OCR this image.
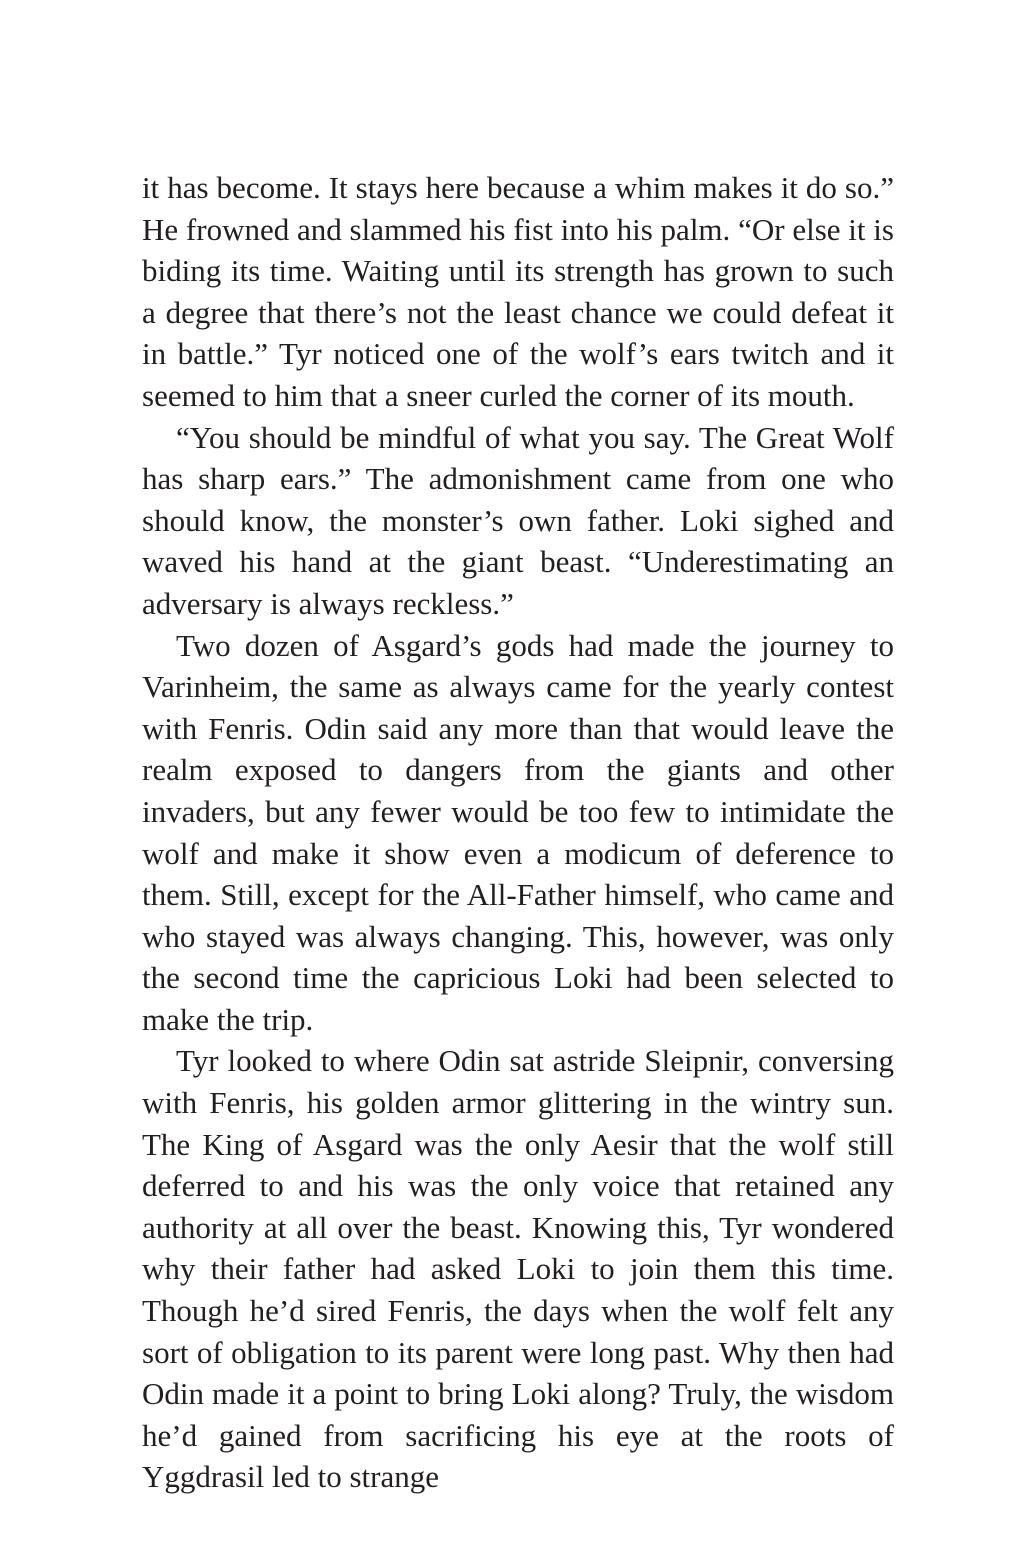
it has become. It stays here because a whim makes it do so.” He frowned and slammed his fist into his palm. “Or else it is biding its time. Waiting until its strength has grown to such a degree that there’s not the least chance we could defeat it in battle.” Tyr noticed one of the wolf’s ears twitch and it seemed to him that a sneer curled the corner of its mouth.

“You should be mindful of what you say. The Great Wolf has sharp ears.” The admonishment came from one who should know, the monster’s own father. Loki sighed and waved his hand at the giant beast. “Underestimating an adversary is always reckless.”

Two dozen of Asgard’s gods had made the journey to Varinheim, the same as always came for the yearly contest with Fenris. Odin said any more than that would leave the realm exposed to dangers from the giants and other invaders, but any fewer would be too few to intimidate the wolf and make it show even a modicum of deference to them. Still, except for the All-Father himself, who came and who stayed was always changing. This, however, was only the second time the capricious Loki had been selected to make the trip.

Tyr looked to where Odin sat astride Sleipnir, conversing with Fenris, his golden armor glittering in the wintry sun. The King of Asgard was the only Aesir that the wolf still deferred to and his was the only voice that retained any authority at all over the beast. Knowing this, Tyr wondered why their father had asked Loki to join them this time. Though he’d sired Fenris, the days when the wolf felt any sort of obligation to its parent were long past. Why then had Odin made it a point to bring Loki along? Truly, the wisdom he’d gained from sacrificing his eye at the roots of Yggdrasil led to strange
